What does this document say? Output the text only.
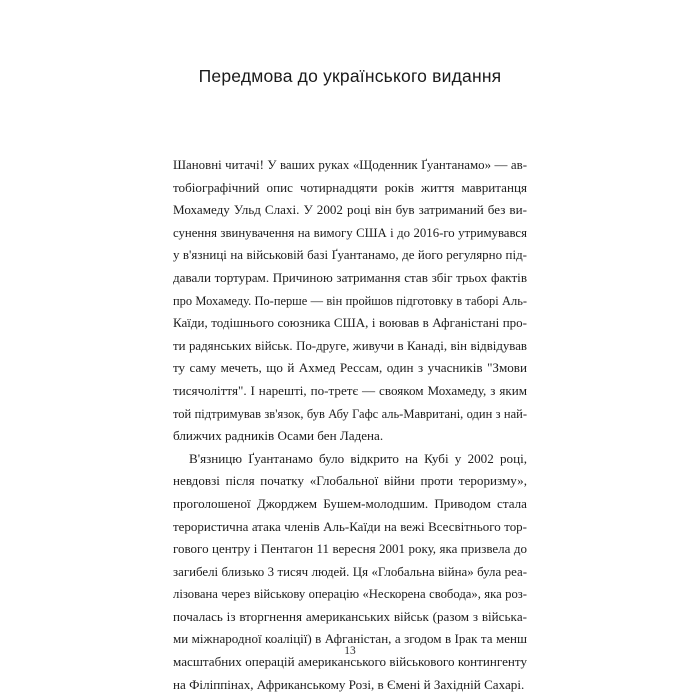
Передмова до українського видання
Шановні читачі! У ваших руках «Щоденник Ґуантанамо» — ав-
тобіографічний опис чотирнадцяти років життя мавританця
Мохамеду Ульд Слахі. У 2002 році він був затриманий без ви-
сунення звинувачення на вимогу США і до 2016-го утримувався
у в'язниці на військовій базі Ґуантанамо, де його регулярно під-
давали тортурам. Причиною затримання став збіг трьох фактів
про Мохамеду. По-перше — він пройшов підготовку в таборі Аль-
Каїди, тодішнього союзника США, і воював в Афганістані про-
ти радянських військ. По-друге, живучи в Канаді, він відвідував
ту саму мечеть, що й Ахмед Рессам, один з учасників "Змови
тисячоліття". І нарешті, по-третє — свояком Мохамеду, з яким
той підтримував зв'язок, був Абу Гафс аль-Мавритані, один з най-
ближчих радників Осами бен Ладена.
В'язницю Ґуантанамо було відкрито на Кубі у 2002 році,
невдовзі після початку «Глобальної війни проти тероризму»,
проголошеної Джорджем Бушем-молодшим. Приводом стала
терористична атака членів Аль-Каїди на вежі Всесвітнього тор-
гового центру і Пентагон 11 вересня 2001 року, яка призвела до
загибелі близько 3 тисяч людей. Ця «Глобальна війна» була реа-
лізована через військову операцію «Нескорена свобода», яка роз-
почалась із вторгнення американських військ (разом з військa-
ми міжнародної коаліції) в Афганістан, а згодом в Ірак та менш
масштабних операцій американського військового контингенту
на Філіппінах, Африканському Розі, в Ємені й Західній Сахарі.
13
